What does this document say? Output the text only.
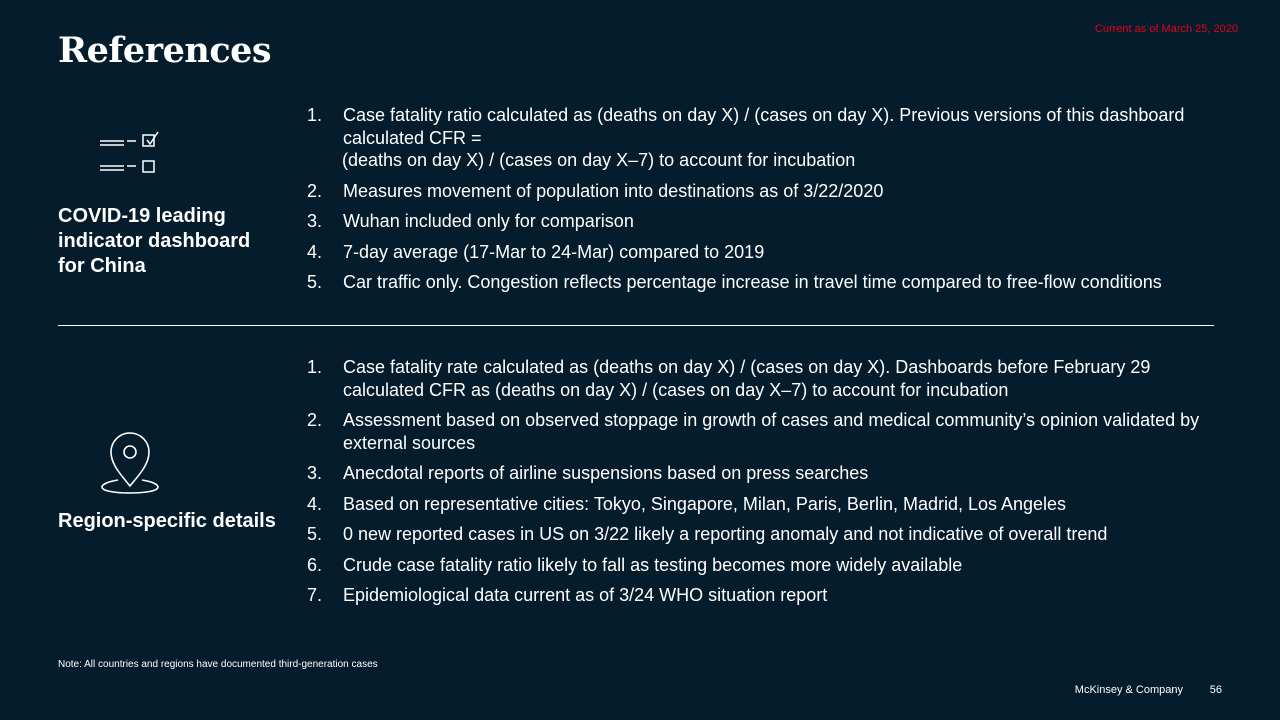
Current as of March 25, 2020
References
COVID-19 leading indicator dashboard for China
1. Case fatality ratio calculated as (deaths on day X) / (cases on day X). Previous versions of this dashboard calculated CFR =
(deaths on day X) / (cases on day X–7) to account for incubation
2. Measures movement of population into destinations as of 3/22/2020
3. Wuhan included only for comparison
4. 7-day average (17-Mar to 24-Mar) compared to 2019
5. Car traffic only. Congestion reflects percentage increase in travel time compared to free-flow conditions
Region-specific details
1. Case fatality rate calculated as (deaths on day X) / (cases on day X). Dashboards before February 29 calculated CFR as (deaths on day X) / (cases on day X–7) to account for incubation
2. Assessment based on observed stoppage in growth of cases and medical community’s opinion validated by external sources
3. Anecdotal reports of airline suspensions based on press searches
4. Based on representative cities: Tokyo, Singapore, Milan, Paris, Berlin, Madrid, Los Angeles
5. 0 new reported cases in US on 3/22 likely a reporting anomaly and not indicative of overall trend
6. Crude case fatality ratio likely to fall as testing becomes more widely available
7. Epidemiological data current as of 3/24 WHO situation report
Note: All countries and regions have documented third-generation cases
McKinsey & Company 56
